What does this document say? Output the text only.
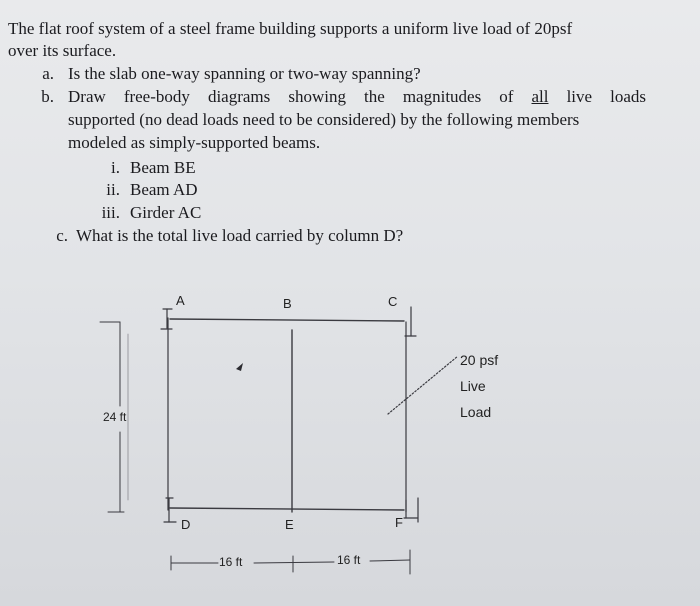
The flat roof system of a steel frame building supports a uniform live load of 20psf
over its surface.
a. Is the slab one-way spanning or two-way spanning?
b. Draw free-body diagrams showing the magnitudes of all live loads
supported (no dead loads need to be considered) by the following members
modeled as simply-supported beams.
i. Beam BE
ii. Beam AD
iii. Girder AC
c. What is the total live load carried by column D?
A	B	C
D	E	F
24 ft
16 ft	16 ft
20 psf
Live
Load
